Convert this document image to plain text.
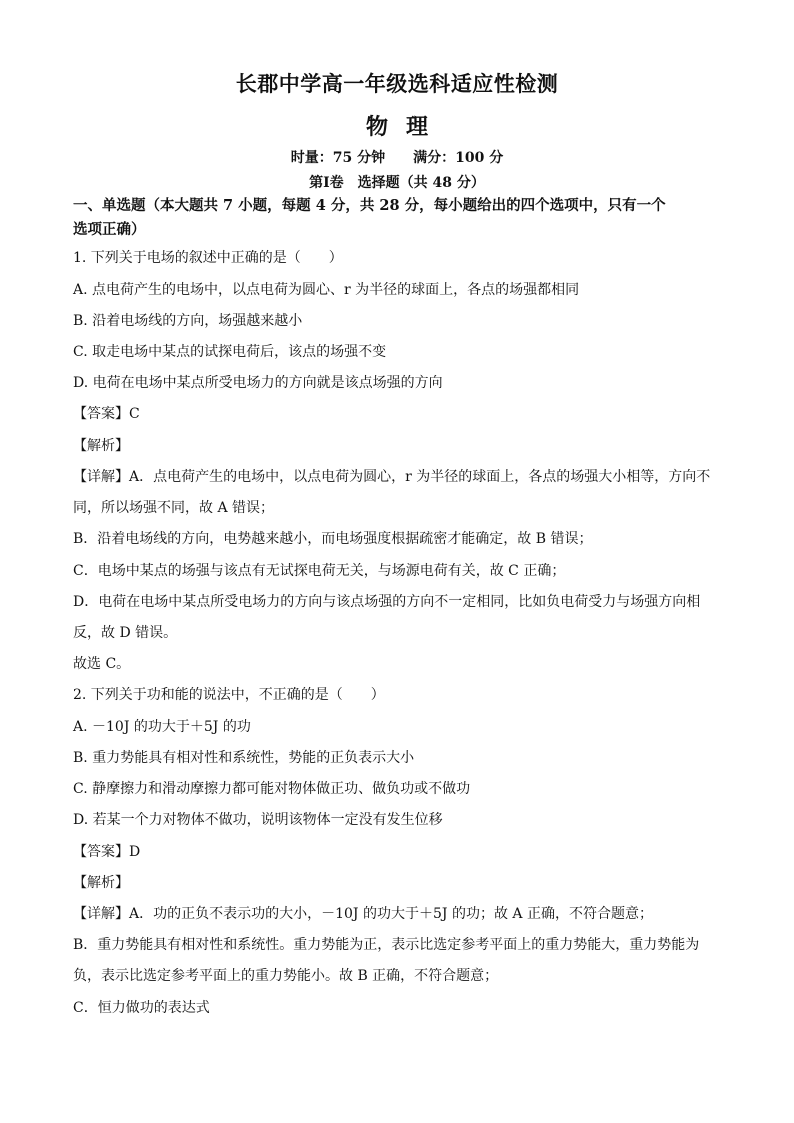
长郡中学高一年级选科适应性检测
物理
时量：75 分钟 满分：100 分
第Ⅰ卷　选择题（共 48 分）
一、单选题（本大题共 7 小题，每题 4 分，共 28 分，每小题给出的四个选项中，只有一个
选项正确）
1. 下列关于电场的叙述中正确的是（　　）
A. 点电荷产生的电场中，以点电荷为圆心、r 为半径的球面上，各点的场强都相同
B. 沿着电场线的方向，场强越来越小
C. 取走电场中某点的试探电荷后，该点的场强不变
D. 电荷在电场中某点所受电场力的方向就是该点场强的方向
【答案】C
【解析】
【详解】A．点电荷产生的电场中，以点电荷为圆心，r 为半径的球面上，各点的场强大小相等，方向不
同，所以场强不同，故 A 错误；
B．沿着电场线的方向，电势越来越小，而电场强度根据疏密才能确定，故 B 错误；
C．电场中某点的场强与该点有无试探电荷无关，与场源电荷有关，故 C 正确；
D．电荷在电场中某点所受电场力的方向与该点场强的方向不一定相同，比如负电荷受力与场强方向相
反，故 D 错误。
故选 C。
2. 下列关于功和能的说法中，不正确的是（　　）
A. －10J 的功大于＋5J 的功
B. 重力势能具有相对性和系统性，势能的正负表示大小
C. 静摩擦力和滑动摩擦力都可能对物体做正功、做负功或不做功
D. 若某一个力对物体不做功，说明该物体一定没有发生位移
【答案】D
【解析】
【详解】A．功的正负不表示功的大小，－10J 的功大于＋5J 的功；故 A 正确，不符合题意；
B．重力势能具有相对性和系统性。重力势能为正，表示比选定参考平面上的重力势能大，重力势能为
负，表示比选定参考平面上的重力势能小。故 B 正确，不符合题意；
C．恒力做功的表达式
